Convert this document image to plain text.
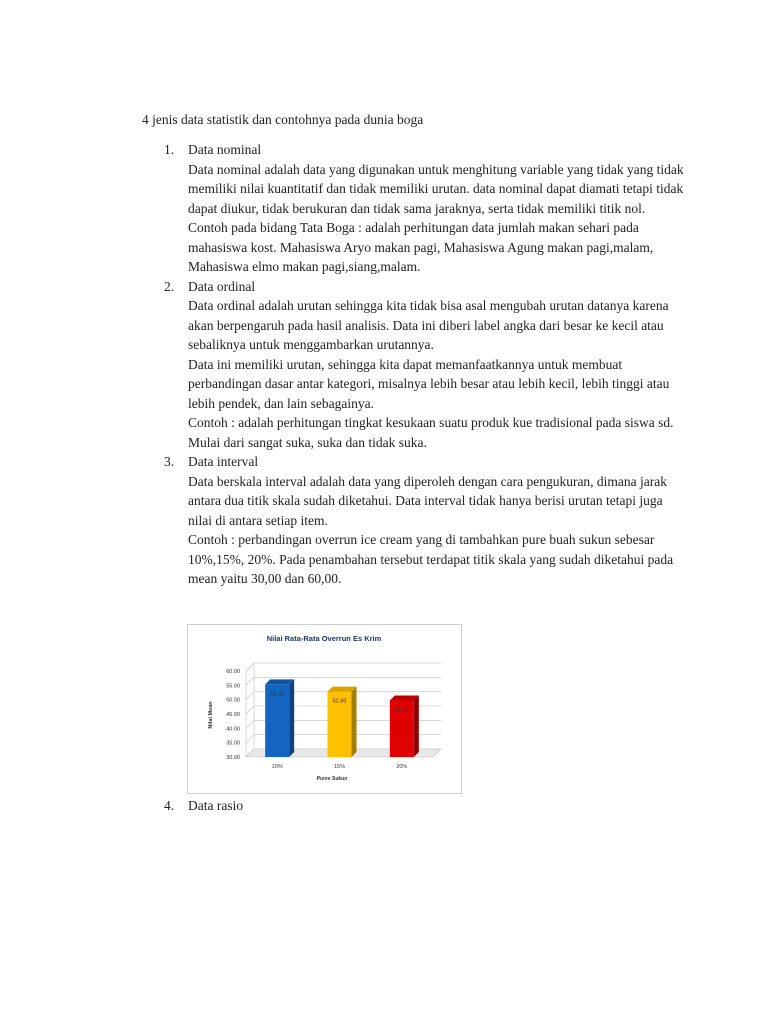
4 jenis data statistik dan contohnya pada dunia boga
1. Data nominal

Data nominal adalah data yang digunakan untuk menghitung variable yang tidak yang tidak memiliki nilai kuantitatif dan tidak memiliki urutan. data nominal dapat diamati tetapi tidak dapat diukur, tidak berukuran dan tidak sama jaraknya, serta tidak memiliki titik nol.

Contoh pada bidang Tata Boga : adalah perhitungan data jumlah makan sehari pada mahasiswa kost. Mahasiswa Aryo makan pagi, Mahasiswa Agung makan pagi,malam, Mahasiswa elmo makan pagi,siang,malam.

2. Data ordinal

Data ordinal adalah urutan sehingga kita tidak bisa asal mengubah urutan datanya karena akan berpengaruh pada hasil analisis. Data ini diberi label angka dari besar ke kecil atau sebaliknya untuk menggambarkan urutannya.

Data ini memiliki urutan, sehingga kita dapat memanfaatkannya untuk membuat perbandingan dasar antar kategori, misalnya lebih besar atau lebih kecil, lebih tinggi atau lebih pendek, dan lain sebagainya.

Contoh : adalah perhitungan tingkat kesukaan suatu produk kue tradisional pada siswa sd. Mulai dari sangat suka, suka dan tidak suka.

3. Data interval

Data berskala interval adalah data yang diperoleh dengan cara pengukuran, dimana jarak antara dua titik skala sudah diketahui. Data interval tidak hanya berisi urutan tetapi juga nilai di antara setiap item.

Contoh : perbandingan overrun ice cream yang di tambahkan pure buah sukun sebesar 10%,15%, 20%. Pada penambahan tersebut terdapat titik skala yang sudah diketahui pada mean yaitu 30,00 dan 60,00.

Nilai Rata-Rata Overrun Es Krim
Nilai Mean
Puree Sukun
60.00
55.00
50.00
45.00
40.00
35.00
30.00
55.33
10%
52.80
15%
49.73
20%
4. Data rasio
